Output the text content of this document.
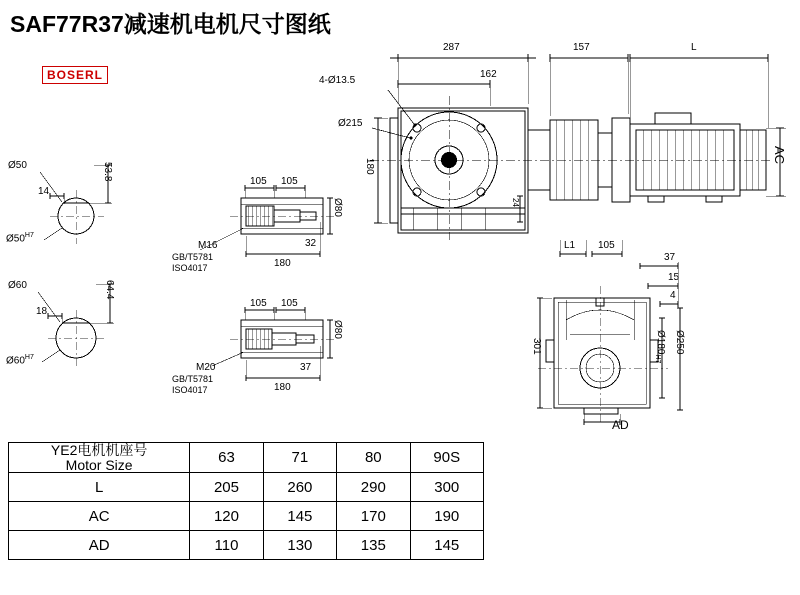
SAF77R37减速机电机尺寸图纸
BOSERL
287
162
157	L
4-Ø13.5
Ø215
180
24
AC
Ø50
14
53.8
$Ø50^{H7}$
Ø60
18
64.4
$Ø60^{H7}$
105 105
32
180
Ø80
M16
GB/T5781
ISO4017
105 105
37
180
Ø80
M20
GB/T5781
ISO4017
L1 105
37
15
4
301	$Ø180_{H7}$
Ø250
AD
YE2电机机座号
Motor Size	63	71	80	90S
L	205	260	290	300
AC	120	145	170	190
AD	110	130	135	145
